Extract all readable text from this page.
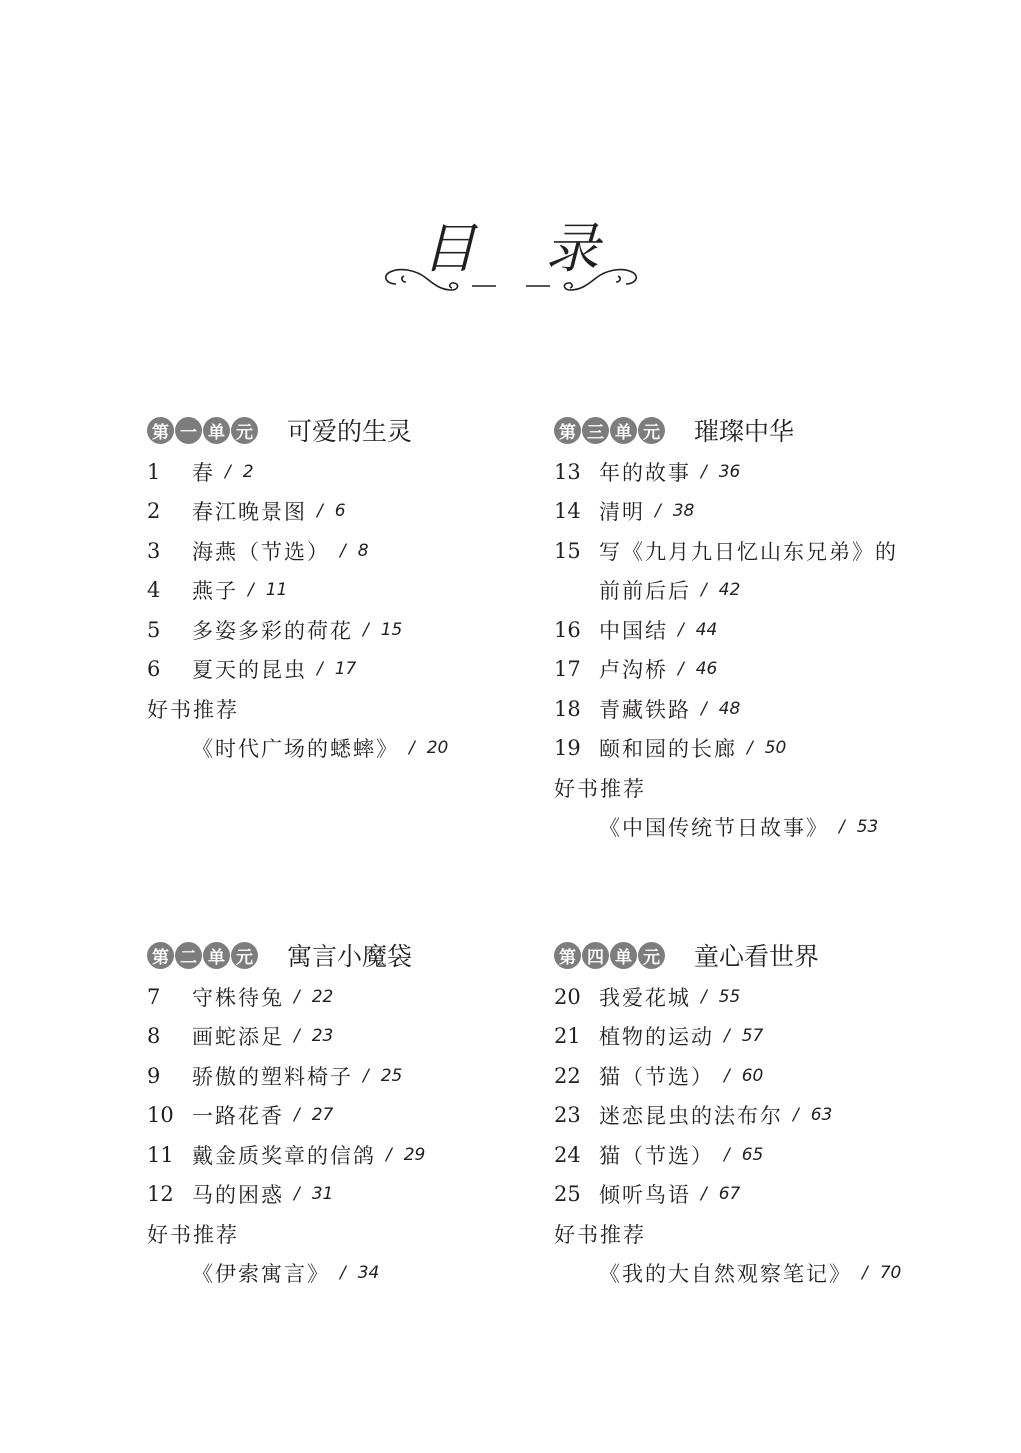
目 录
第 一 单 元 可爱的生灵
1	春 / 2
2	春江晚景图 / 6
3	海燕（节选） / 8
4	燕子 / 11
5	多姿多彩的荷花 / 15
6	夏天的昆虫 / 17
好书推荐
《时代广场的蟋蟀》 / 20
第 二 单 元 寓言小魔袋
7	守株待兔 / 22
8	画蛇添足 / 23
9	骄傲的塑料椅子 / 25
10 一路花香 / 27
11 戴金质奖章的信鸽 / 29
12 马的困惑 / 31
好书推荐
《伊索寓言》 / 34
第 三 单 元 璀璨中华
13 年的故事 / 36
14 清明 / 38
15 写《九月九日忆山东兄弟》的
前前后后 / 42
16 中国结 / 44
17 卢沟桥 / 46
18 青藏铁路 / 48
19 颐和园的长廊 / 50
好书推荐
《中国传统节日故事》 / 53
第 四 单 元 童心看世界
20 我爱花城 / 55
21 植物的运动 / 57
22 猫（节选） / 60
23 迷恋昆虫的法布尔 / 63
24 猫（节选） / 65
25 倾听鸟语 / 67
好书推荐
《我的大自然观察笔记》 / 70
